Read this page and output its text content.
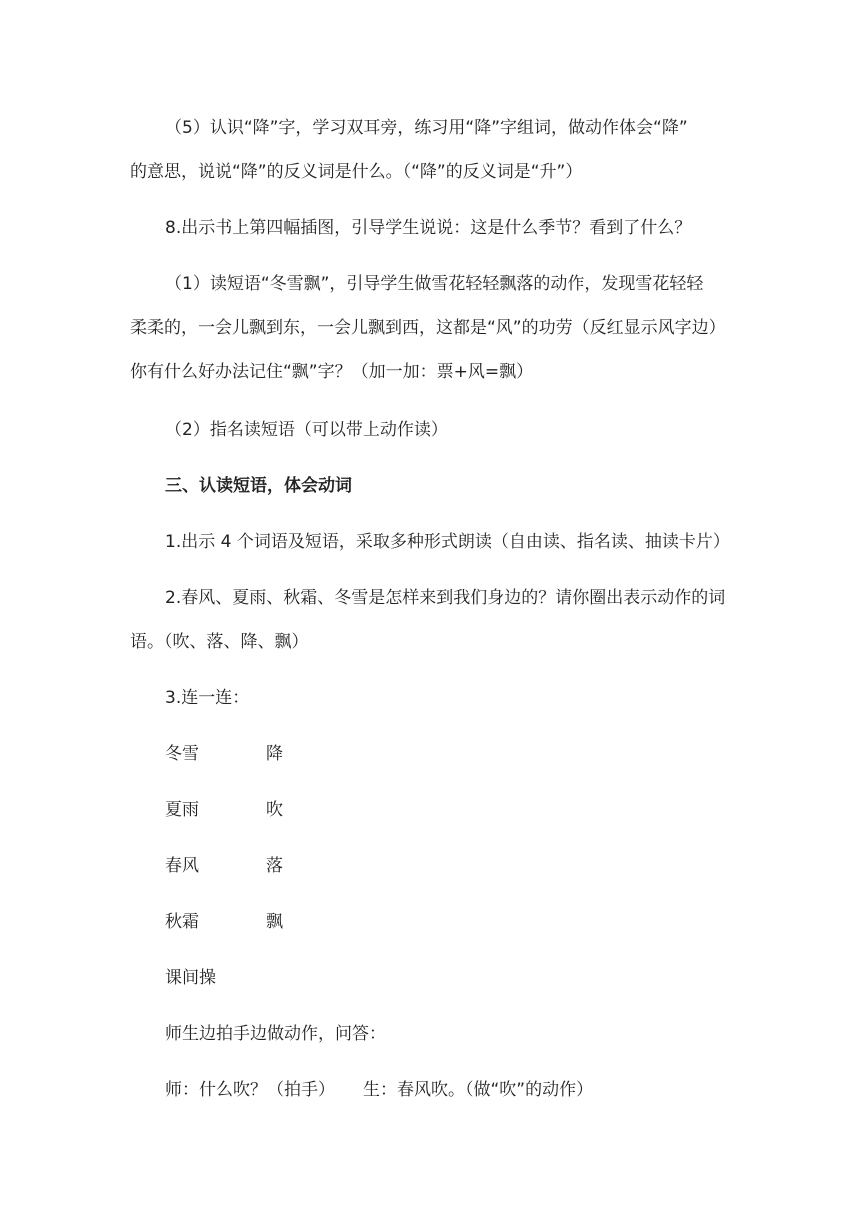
（5）认识“降”字，学习双耳旁，练习用“降”字组词，做动作体会“降”
的意思，说说“降”的反义词是什么。（“降”的反义词是“升”）
8.出示书上第四幅插图，引导学生说说：这是什么季节？看到了什么？
（1）读短语“冬雪飘”，引导学生做雪花轻轻飘落的动作，发现雪花轻轻
柔柔的，一会儿飘到东，一会儿飘到西，这都是“风”的功劳（反红显示风字边）
你有什么好办法记住“飘”字？（加一加：票+风=飘）
（2）指名读短语（可以带上动作读）
三、认读短语，体会动词
1.出示 4 个词语及短语，采取多种形式朗读（自由读、指名读、抽读卡片）
2.春风、夏雨、秋霜、冬雪是怎样来到我们身边的？请你圈出表示动作的词
语。（吹、落、降、飘）
3.连一连：
冬雪	降
夏雨	吹
春风	落
秋霜	飘
课间操
师生边拍手边做动作，问答：
师：什么吹？（拍手） 生：春风吹。（做“吹”的动作）
